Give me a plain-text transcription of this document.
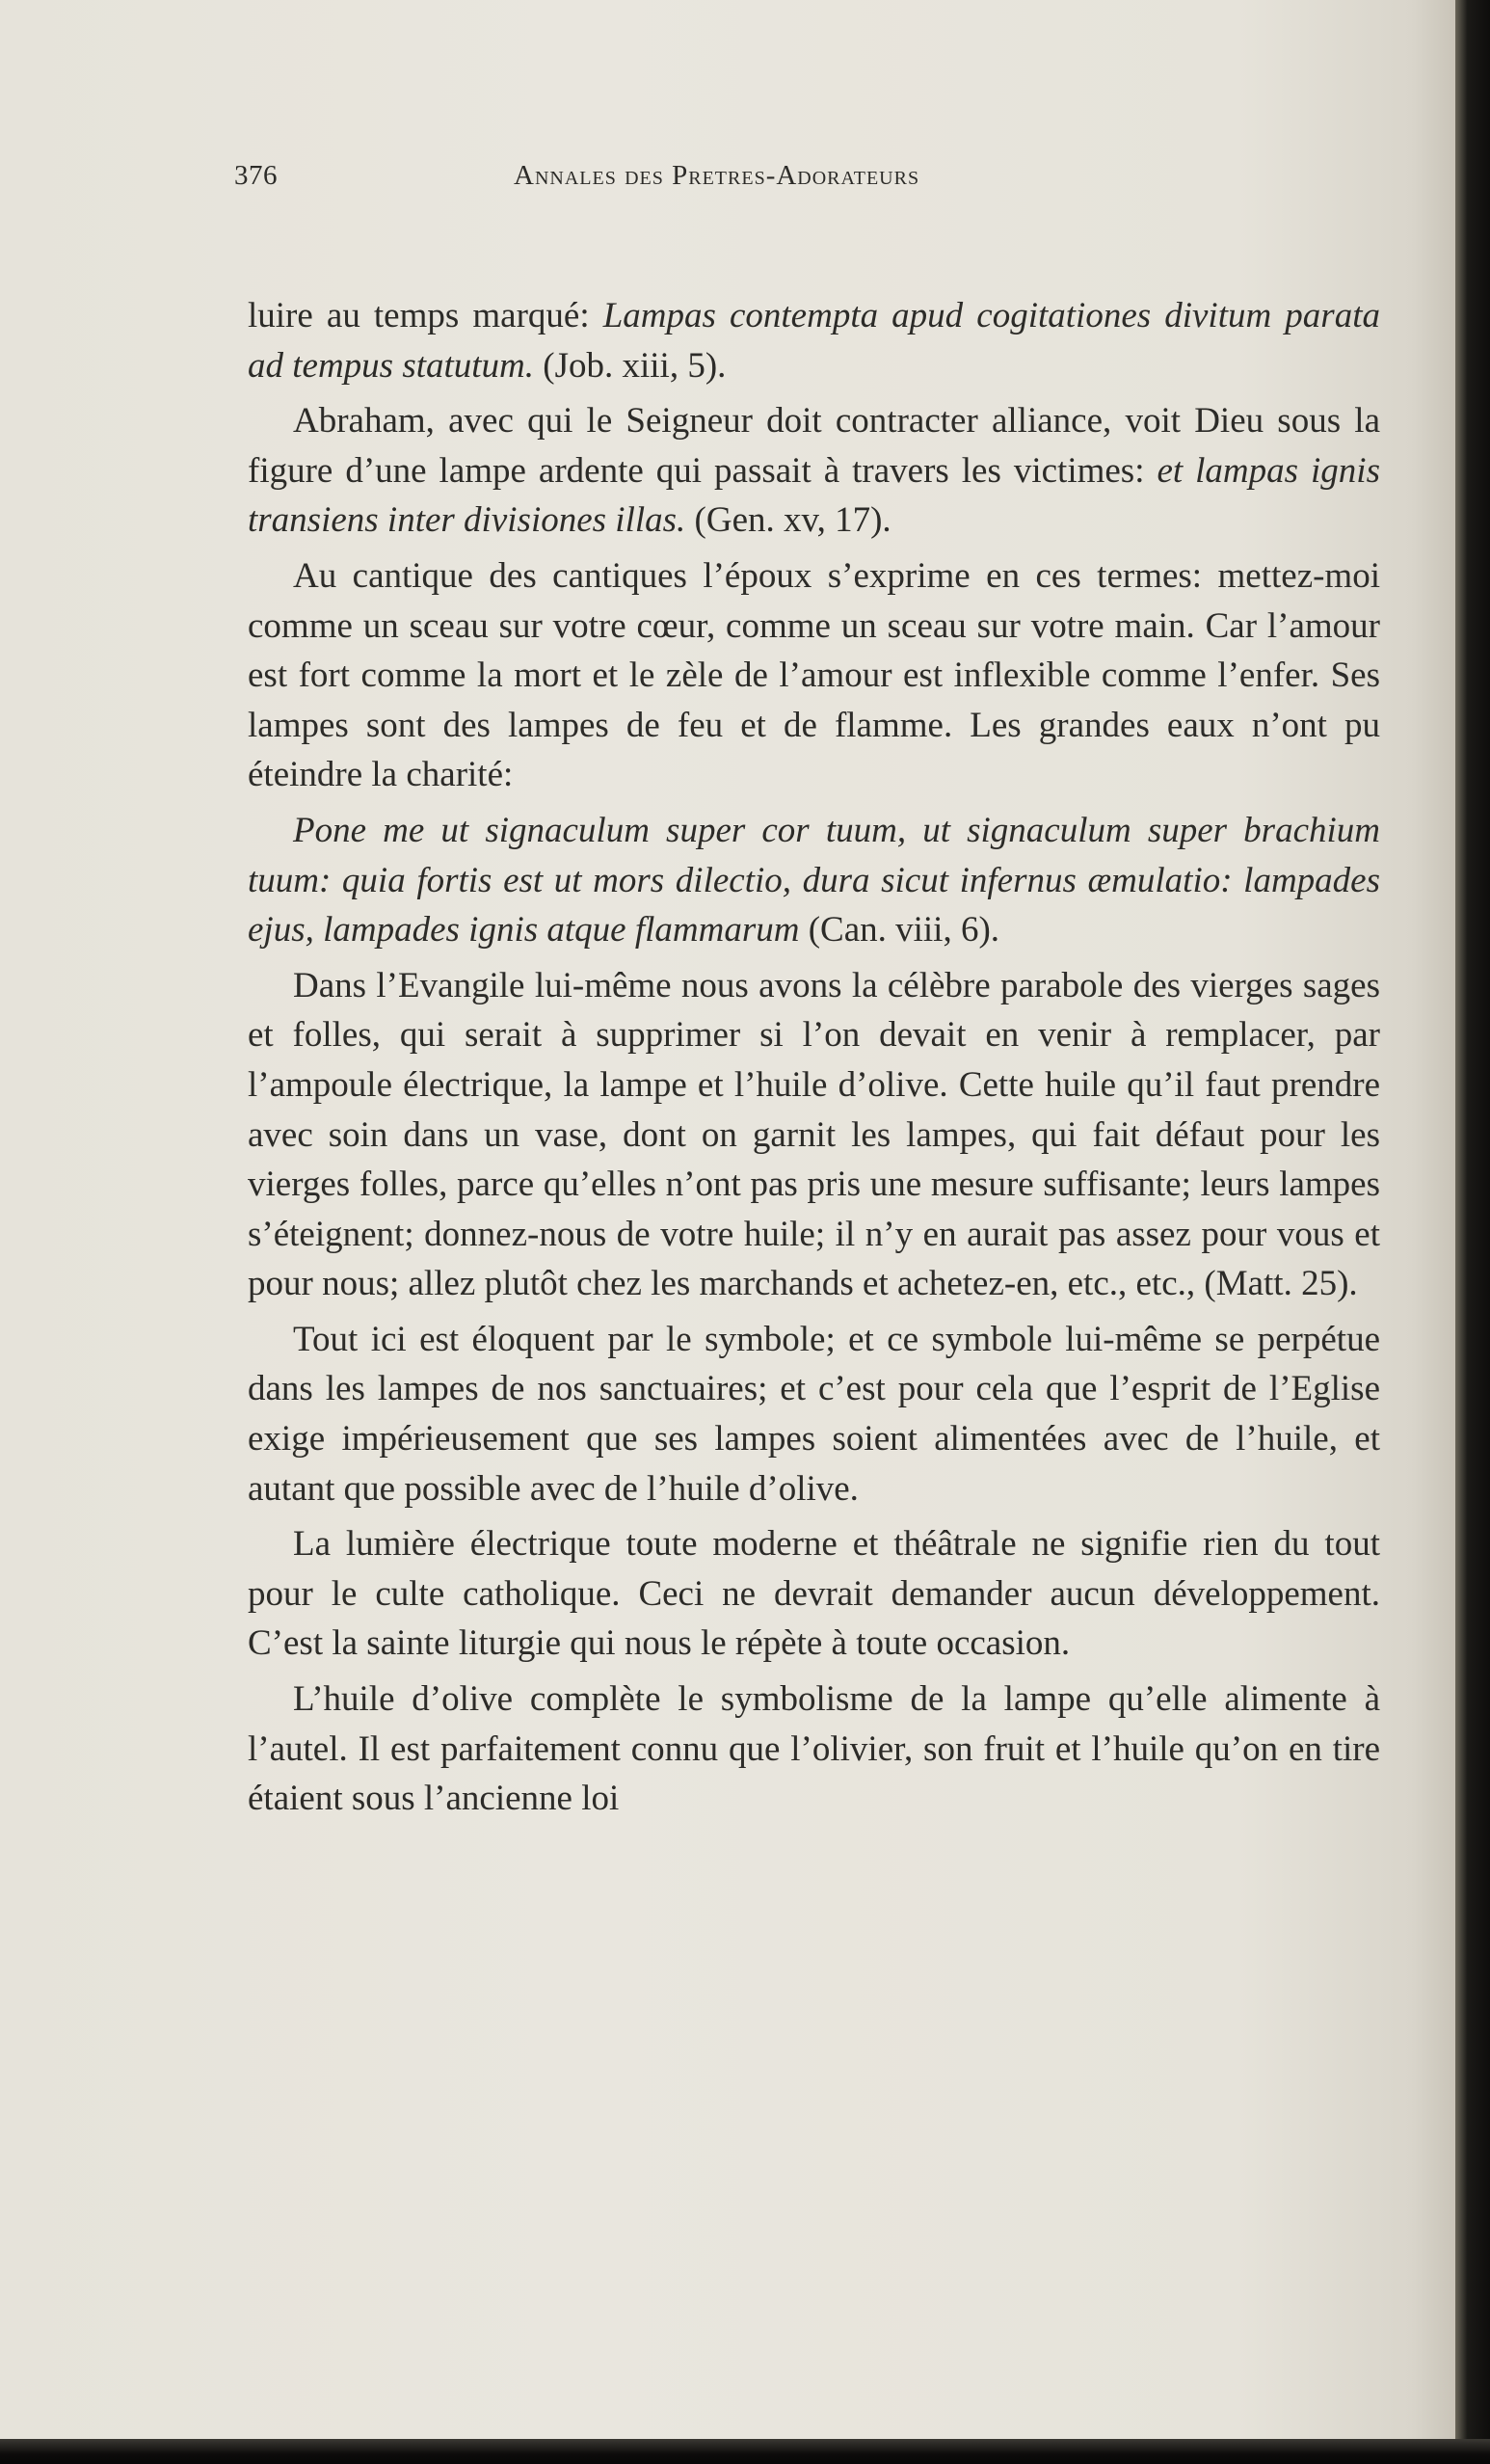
376	Annales des Pretres-Adorateurs

luire au temps marqué: Lampas contempta apud cogitationes divitum parata ad tempus statutum. (Job. xiii, 5).

Abraham, avec qui le Seigneur doit contracter alliance, voit Dieu sous la figure d’une lampe ardente qui passait à travers les victimes: et lampas ignis transiens inter divisiones illas. (Gen. xv, 17).

Au cantique des cantiques l’époux s’exprime en ces termes: mettez-moi comme un sceau sur votre cœur, comme un sceau sur votre main. Car l’amour est fort comme la mort et le zèle de l’amour est inflexible comme l’enfer. Ses lampes sont des lampes de feu et de flamme. Les grandes eaux n’ont pu éteindre la charité:

Pone me ut signaculum super cor tuum, ut signaculum super brachium tuum: quia fortis est ut mors dilectio, dura sicut infernus æmulatio: lampades ejus, lampades ignis atque flammarum (Can. viii, 6).

Dans l’Evangile lui-même nous avons la célèbre parabole des vierges sages et folles, qui serait à supprimer si l’on devait en venir à remplacer, par l’ampoule électrique, la lampe et l’huile d’olive. Cette huile qu’il faut prendre avec soin dans un vase, dont on garnit les lampes, qui fait défaut pour les vierges folles, parce qu’elles n’ont pas pris une mesure suffisante; leurs lampes s’éteignent; donnez-nous de votre huile; il n’y en aurait pas assez pour vous et pour nous; allez plutôt chez les marchands et achetez-en, etc., etc., (Matt. 25).

Tout ici est éloquent par le symbole; et ce symbole lui-même se perpétue dans les lampes de nos sanctuaires; et c’est pour cela que l’esprit de l’Eglise exige impérieusement que ses lampes soient alimentées avec de l’huile, et autant que possible avec de l’huile d’olive.

La lumière électrique toute moderne et théâtrale ne signifie rien du tout pour le culte catholique. Ceci ne devrait demander aucun développement. C’est la sainte liturgie qui nous le répète à toute occasion.

L’huile d’olive complète le symbolisme de la lampe qu’elle alimente à l’autel. Il est parfaitement connu que l’olivier, son fruit et l’huile qu’on en tire étaient sous l’ancienne loi
